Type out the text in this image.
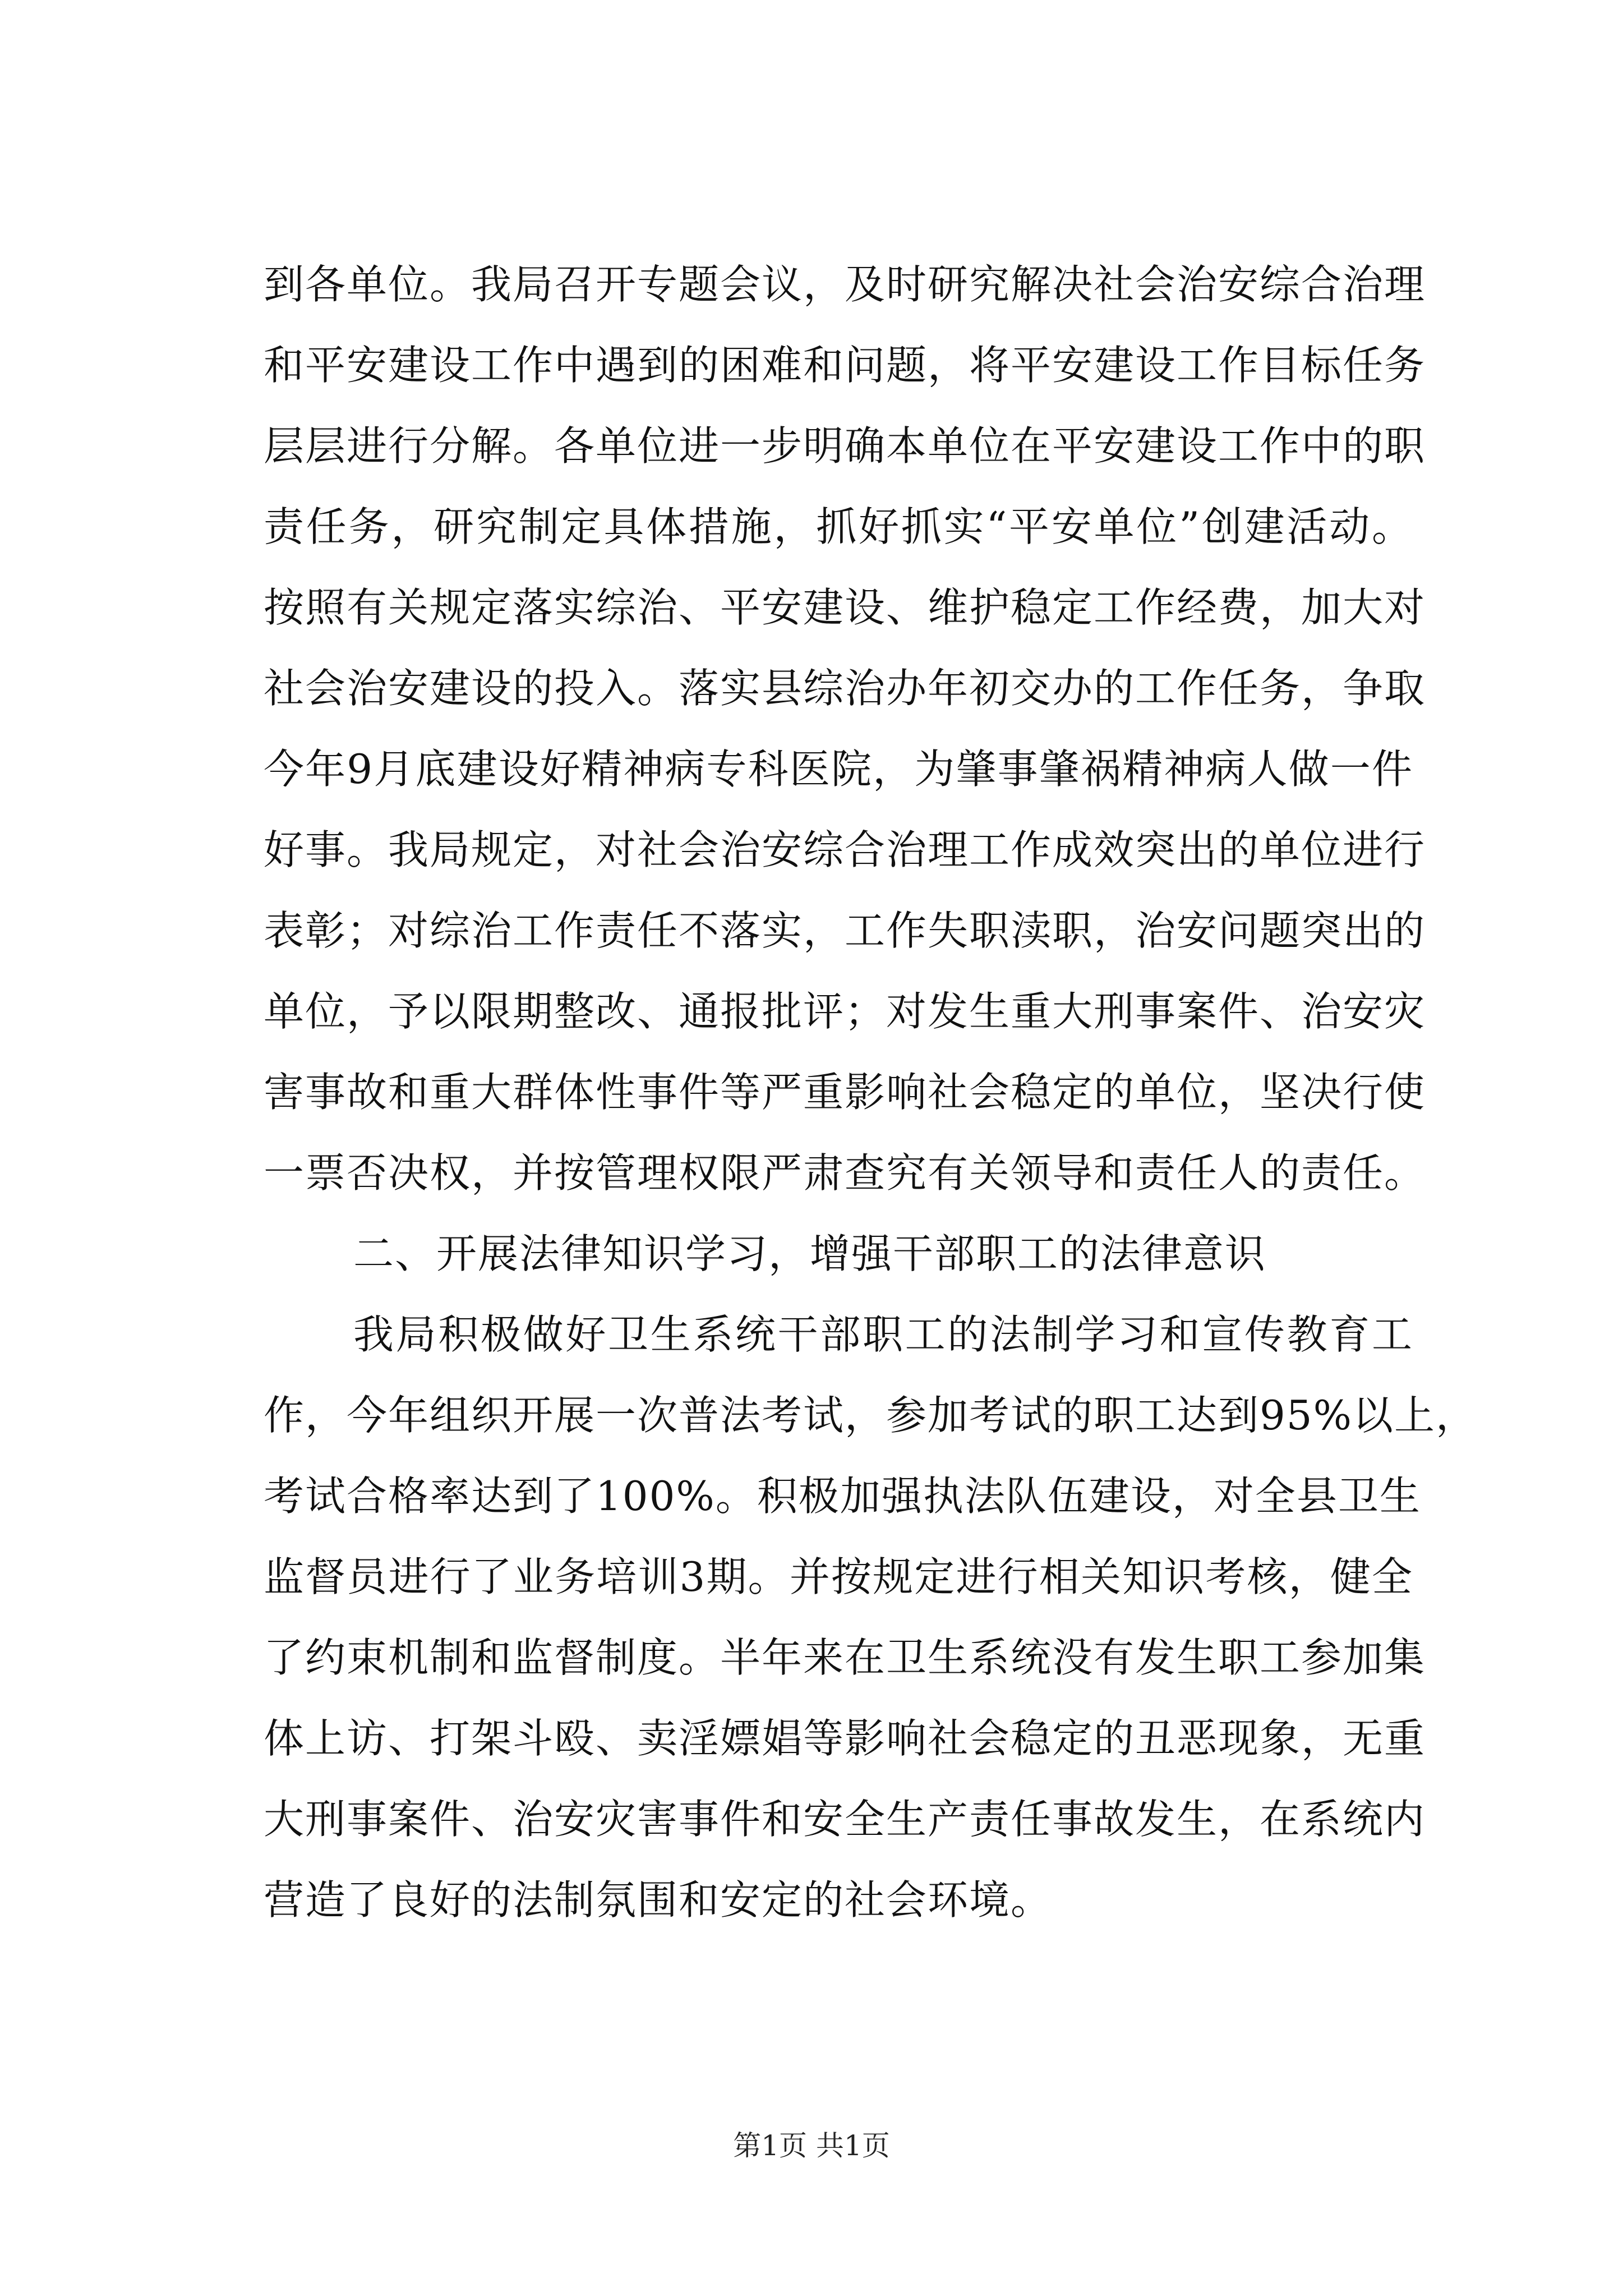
到各单位。我局召开专题会议，及时研究解决社会治安综合治理
和平安建设工作中遇到的困难和问题，将平安建设工作目标任务
层层进行分解。各单位进一步明确本单位在平安建设工作中的职
责任务，研究制定具体措施，抓好抓实“平安单位”创建活动。
按照有关规定落实综治、平安建设、维护稳定工作经费，加大对
社会治安建设的投入。落实县综治办年初交办的工作任务，争取
今年9月底建设好精神病专科医院，为肇事肇祸精神病人做一件
好事。我局规定，对社会治安综合治理工作成效突出的单位进行
表彰；对综治工作责任不落实，工作失职渎职，治安问题突出的
单位，予以限期整改、通报批评；对发生重大刑事案件、治安灾
害事故和重大群体性事件等严重影响社会稳定的单位，坚决行使
一票否决权，并按管理权限严肃查究有关领导和责任人的责任。
二、开展法律知识学习，增强干部职工的法律意识
我局积极做好卫生系统干部职工的法制学习和宣传教育工
作，今年组织开展一次普法考试，参加考试的职工达到95%以上，
考试合格率达到了100%。积极加强执法队伍建设，对全县卫生
监督员进行了业务培训3期。并按规定进行相关知识考核，健全
了约束机制和监督制度。半年来在卫生系统没有发生职工参加集
体上访、打架斗殴、卖淫嫖娼等影响社会稳定的丑恶现象，无重
大刑事案件、治安灾害事件和安全生产责任事故发生，在系统内
营造了良好的法制氛围和安定的社会环境。
第1页 共1页
